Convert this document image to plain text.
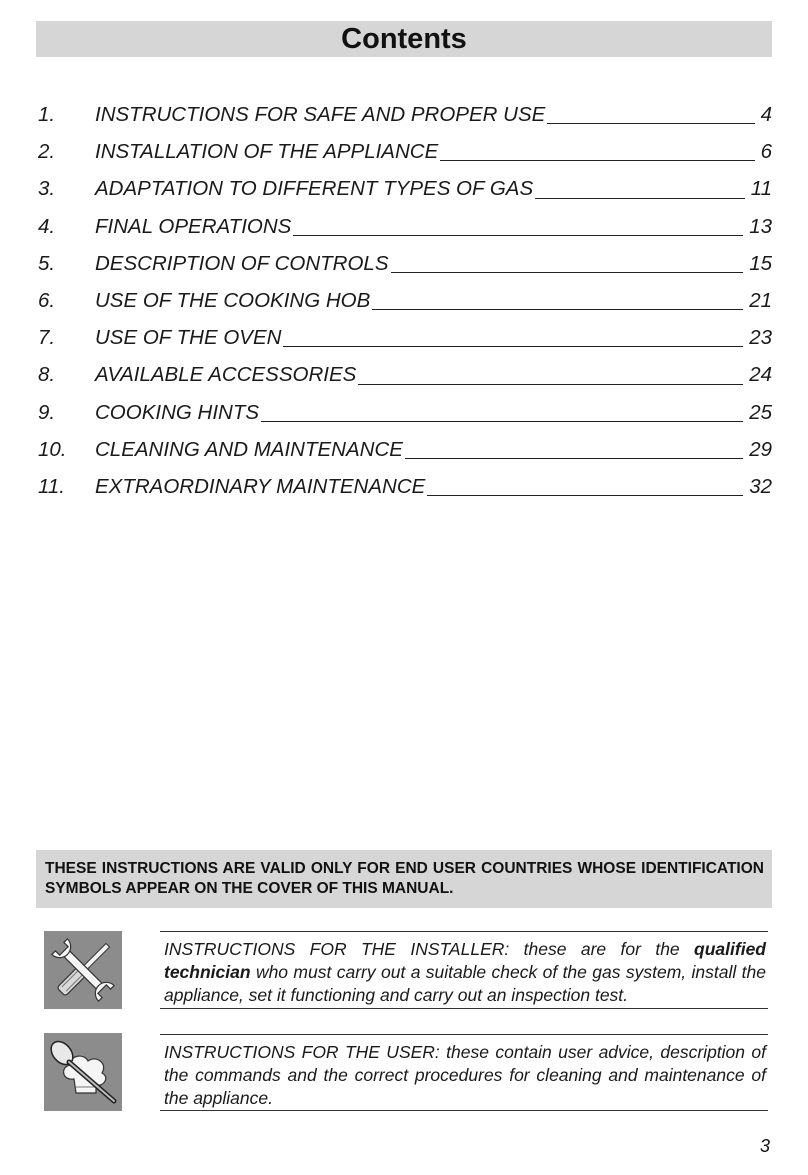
Contents
1. INSTRUCTIONS FOR SAFE AND PROPER USE	4
2. INSTALLATION OF THE APPLIANCE	6
3. ADAPTATION TO DIFFERENT TYPES OF GAS	11
4. FINAL OPERATIONS	13
5. DESCRIPTION OF CONTROLS	15
6. USE OF THE COOKING HOB	21
7. USE OF THE OVEN	23
8. AVAILABLE ACCESSORIES	24
9. COOKING HINTS	25
10. CLEANING AND MAINTENANCE	29
11. EXTRAORDINARY MAINTENANCE	32
THESE INSTRUCTIONS ARE VALID ONLY FOR END USER COUNTRIES WHOSE IDENTIFICATION SYMBOLS APPEAR ON THE COVER OF THIS MANUAL.
INSTRUCTIONS FOR THE INSTALLER: these are for the qualified technician who must carry out a suitable check of the gas system, install the appliance, set it functioning and carry out an inspection test.
INSTRUCTIONS FOR THE USER: these contain user advice, description of the commands and the correct procedures for cleaning and maintenance of the appliance.
3
